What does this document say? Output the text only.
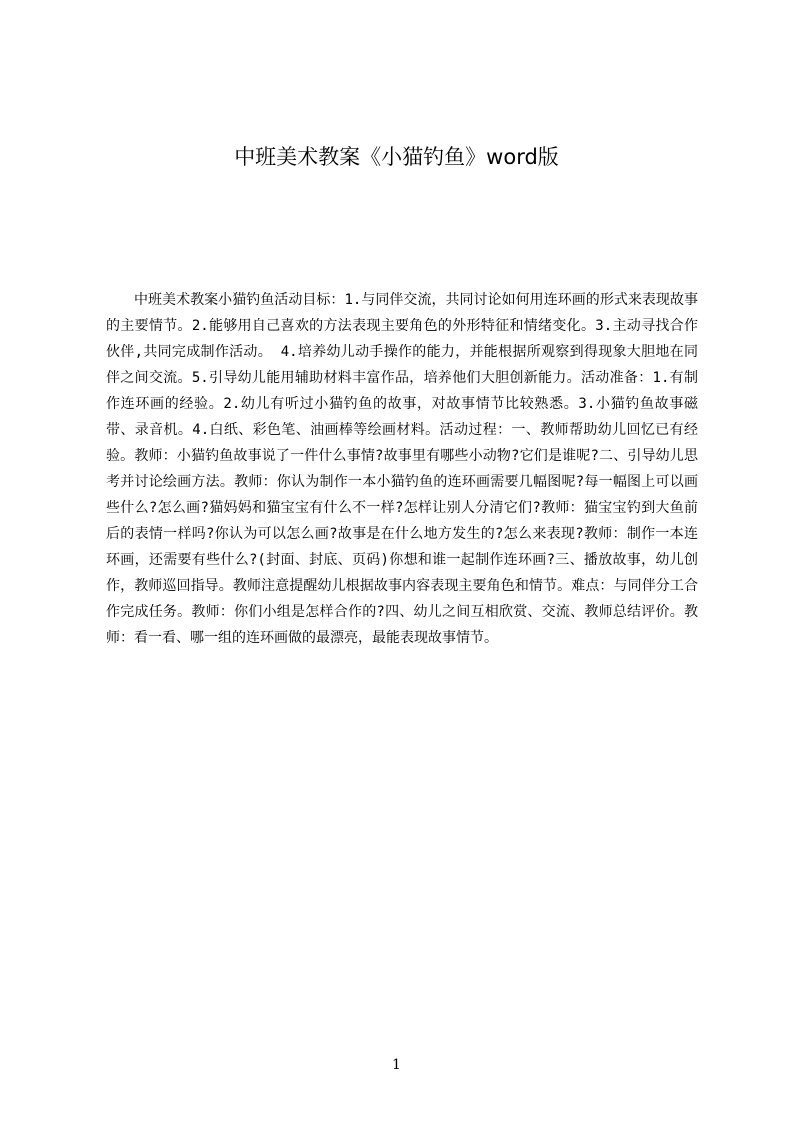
中班美术教案《小猫钓鱼》word版

中班美术教案小猫钓鱼活动目标：1.与同伴交流，共同讨论如何用连环画的形式来表现故事的主要情节。2.能够用自己喜欢的方法表现主要角色的外形特征和情绪变化。3.主动寻找合作伙伴,共同完成制作活动。 4.培养幼儿动手操作的能力，并能根据所观察到得现象大胆地在同伴之间交流。5.引导幼儿能用辅助材料丰富作品，培养他们大胆创新能力。活动准备：1.有制作连环画的经验。2.幼儿有听过小猫钓鱼的故事，对故事情节比较熟悉。3.小猫钓鱼故事磁带、录音机。4.白纸、彩色笔、油画棒等绘画材料。活动过程：一、教师帮助幼儿回忆已有经验。教师：小猫钓鱼故事说了一件什么事情?故事里有哪些小动物?它们是谁呢?二、引导幼儿思考并讨论绘画方法。教师：你认为制作一本小猫钓鱼的连环画需要几幅图呢?每一幅图上可以画些什么?怎么画?猫妈妈和猫宝宝有什么不一样?怎样让别人分清它们?教师：猫宝宝钓到大鱼前后的表情一样吗?你认为可以怎么画?故事是在什么地方发生的?怎么来表现?教师：制作一本连环画，还需要有些什么?(封面、封底、页码)你想和谁一起制作连环画?三、播放故事，幼儿创作，教师巡回指导。教师注意提醒幼儿根据故事内容表现主要角色和情节。难点：与同伴分工合作完成任务。教师：你们小组是怎样合作的?四、幼儿之间互相欣赏、交流、教师总结评价。教师：看一看、哪一组的连环画做的最漂亮，最能表现故事情节。

1
